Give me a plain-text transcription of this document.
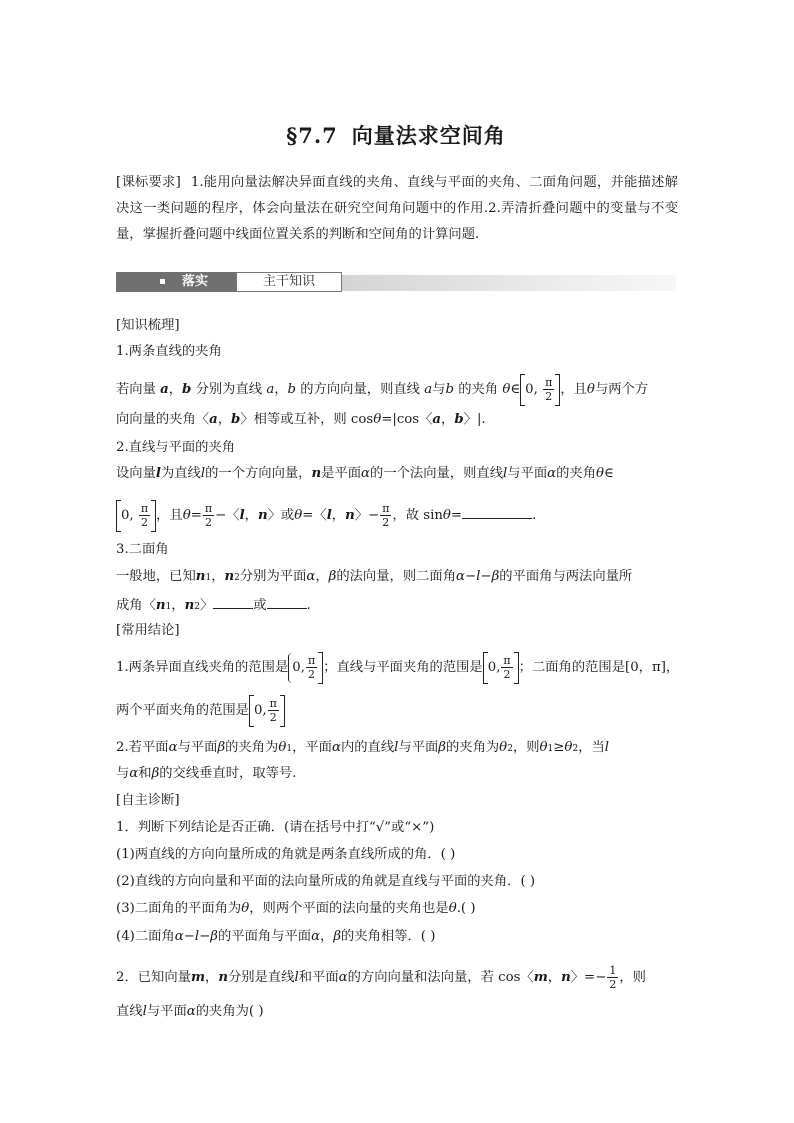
§7.7 向量法求空间角
[课标要求] 1.能用向量法解决异面直线的夹角、直线与平面的夹角、二面角问题，并能描述解决这一类问题的程序，体会向量法在研究空间角问题中的作用.2.弄清折叠问题中的变量与不变量，掌握折叠问题中线面位置关系的判断和空间角的计算问题.
落实	主干知识
[知识梳理]
1.两条直线的夹角
若向量 a，b 分别为直线 a，b 的方向向量，则直线 a与b 的夹角 θ∈ 0, $\frac{\pi}{2}$ ，且θ与两个方
向向量的夹角〈a，b〉相等或互补，则 cosθ=|cos〈a，b〉|.
2.直线与平面的夹角
设向量l为直线l的一个方向向量，n是平面α的一个法向量，则直线l与平面α的夹角θ∈
0, $\frac{\pi}{2}$ ，且$\theta= \frac{\pi}{2}$ −〈l，n〉或θ=〈l，n〉− $\frac{\pi}{2}$ ，故 sinθ=	.
3.二面角
一般地，已知n1，n2分别为平面α，β的法向量，则二面角α−l−β的平面角与两法向量所
成角〈n1，n2〉	或	.
[常用结论]
1.两条异面直线夹角的范围是 0, $\frac{\pi}{2}$ ；直线与平面夹角的范围是 0, $\frac{\pi}{2}$ ；二面角的范围是[0，π]，
两个平面夹角的范围是 0, $\frac{\pi}{2}$
2.若平面α与平面β的夹角为θ1，平面α内的直线l与平面β的夹角为θ2，则θ1≥θ2，当l
与α和β的交线垂直时，取等号.
[自主诊断]
1．判断下列结论是否正确．(请在括号中打“√”或“×”)
(1)两直线的方向向量所成的角就是两条直线所成的角．( )
(2)直线的方向向量和平面的法向量所成的角就是直线与平面的夹角．( )
(3)二面角的平面角为θ，则两个平面的法向量的夹角也是θ.( )
(4)二面角α−l−β的平面角与平面α，β的夹角相等．( )
2．已知向量m，n分别是直线l和平面α的方向向量和法向量，若 cos〈m，n〉=− $\frac{1}{2}$ ，则
直线l与平面α的夹角为( )
